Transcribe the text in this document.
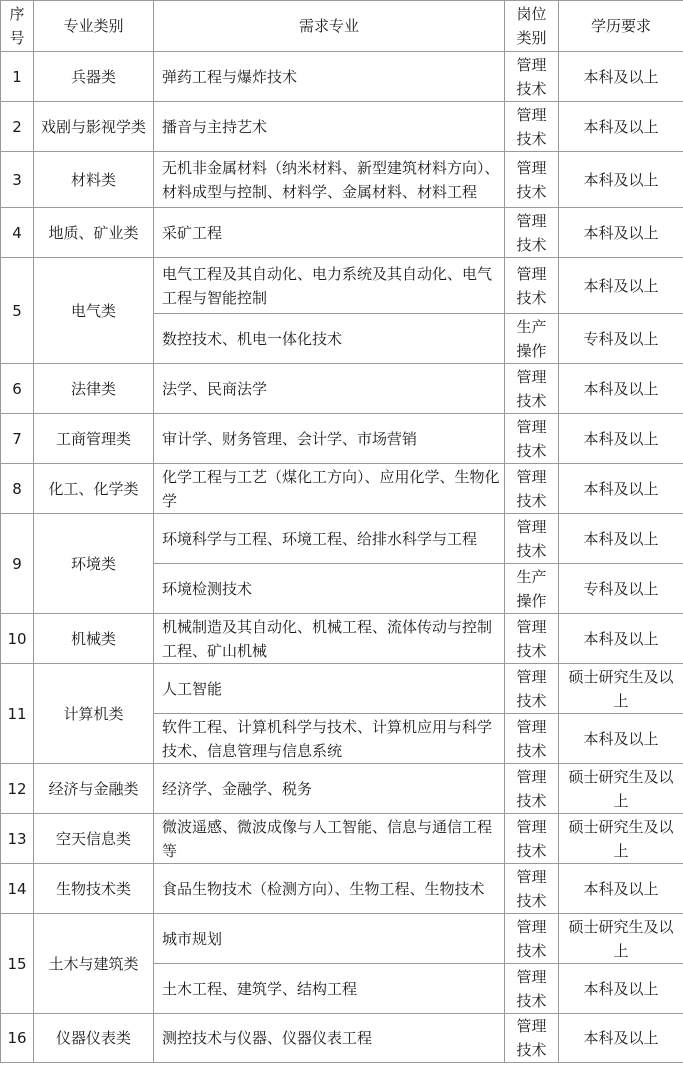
序号	专业类别	需求专业	岗位类别	学历要求
1	兵器类	弹药工程与爆炸技术	管理技术	本科及以上
2	戏剧与影视学类	播音与主持艺术	管理技术	本科及以上
3	材料类	无机非金属材料（纳米材料、新型建筑材料方向）、材料成型与控制、材料学、金属材料、材料工程	管理技术	本科及以上
4	地质、矿业类	采矿工程	管理技术	本科及以上
5	电气类	电气工程及其自动化、电力系统及其自动化、电气工程与智能控制	管理技术	本科及以上
		数控技术、机电一体化技术	生产操作	专科及以上
6	法律类	法学、民商法学	管理技术	本科及以上
7	工商管理类	审计学、财务管理、会计学、市场营销	管理技术	本科及以上
8	化工、化学类	化学工程与工艺（煤化工方向）、应用化学、生物化学	管理技术	本科及以上
9	环境类	环境科学与工程、环境工程、给排水科学与工程	管理技术	本科及以上
		环境检测技术	生产操作	专科及以上
10	机械类	机械制造及其自动化、机械工程、流体传动与控制工程、矿山机械	管理技术	本科及以上
11	计算机类	人工智能	管理技术	硕士研究生及以上
		软件工程、计算机科学与技术、计算机应用与科学技术、信息管理与信息系统	管理技术	本科及以上
12	经济与金融类	经济学、金融学、税务	管理技术	硕士研究生及以上
13	空天信息类	微波遥感、微波成像与人工智能、信息与通信工程等	管理技术	硕士研究生及以上
14	生物技术类	食品生物技术（检测方向）、生物工程、生物技术	管理技术	本科及以上
15	土木与建筑类	城市规划	管理技术	硕士研究生及以上
		土木工程、建筑学、结构工程	管理技术	本科及以上
16	仪器仪表类	测控技术与仪器、仪器仪表工程	管理技术	本科及以上
